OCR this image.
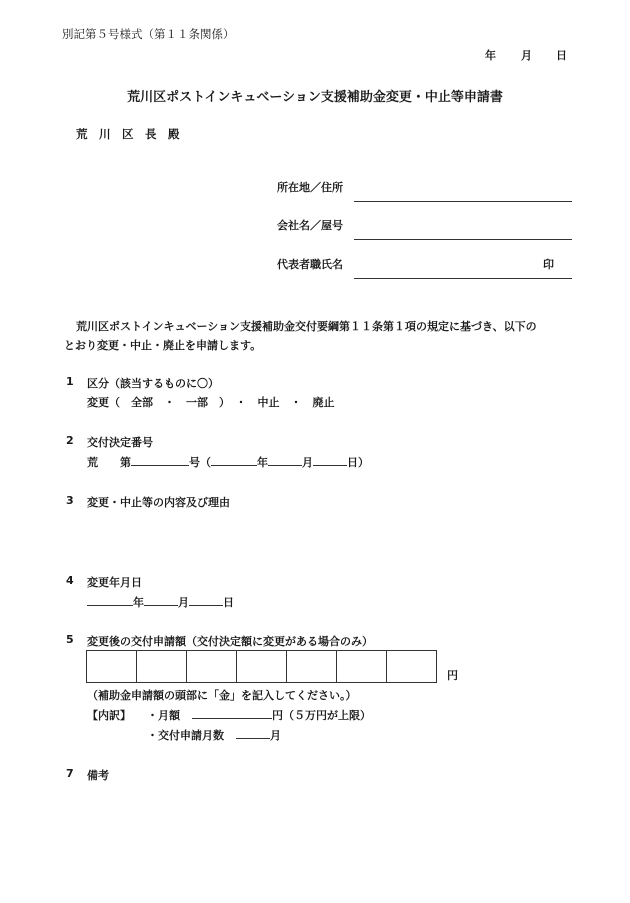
別記第５号様式（第１１条関係）
年 月 日
荒川区ポストインキュベーション支援補助金変更・中止等申請書
荒　川　区　長　殿
所在地／住所
会社名／屋号
代表者職氏名	印
荒川区ポストインキュベーション支援補助金交付要綱第１１条第１項の規定に基づき、以下の
とおり変更・中止・廃止を申請します。
1 区分（該当するものに〇）
変更（　全部　・　一部　）　・　中止　・　廃止
2 交付決定番号
荒 第	号（	年	月	日）
3 変更・中止等の内容及び理由
4 変更年月日
年	月	日
5 変更後の交付申請額（交付決定額に変更がある場合のみ）

円
（補助金申請額の頭部に「金」を記入してください。）
【内訳】 ・月額	円（５万円が上限）
・交付申請月数	月
7 備考
